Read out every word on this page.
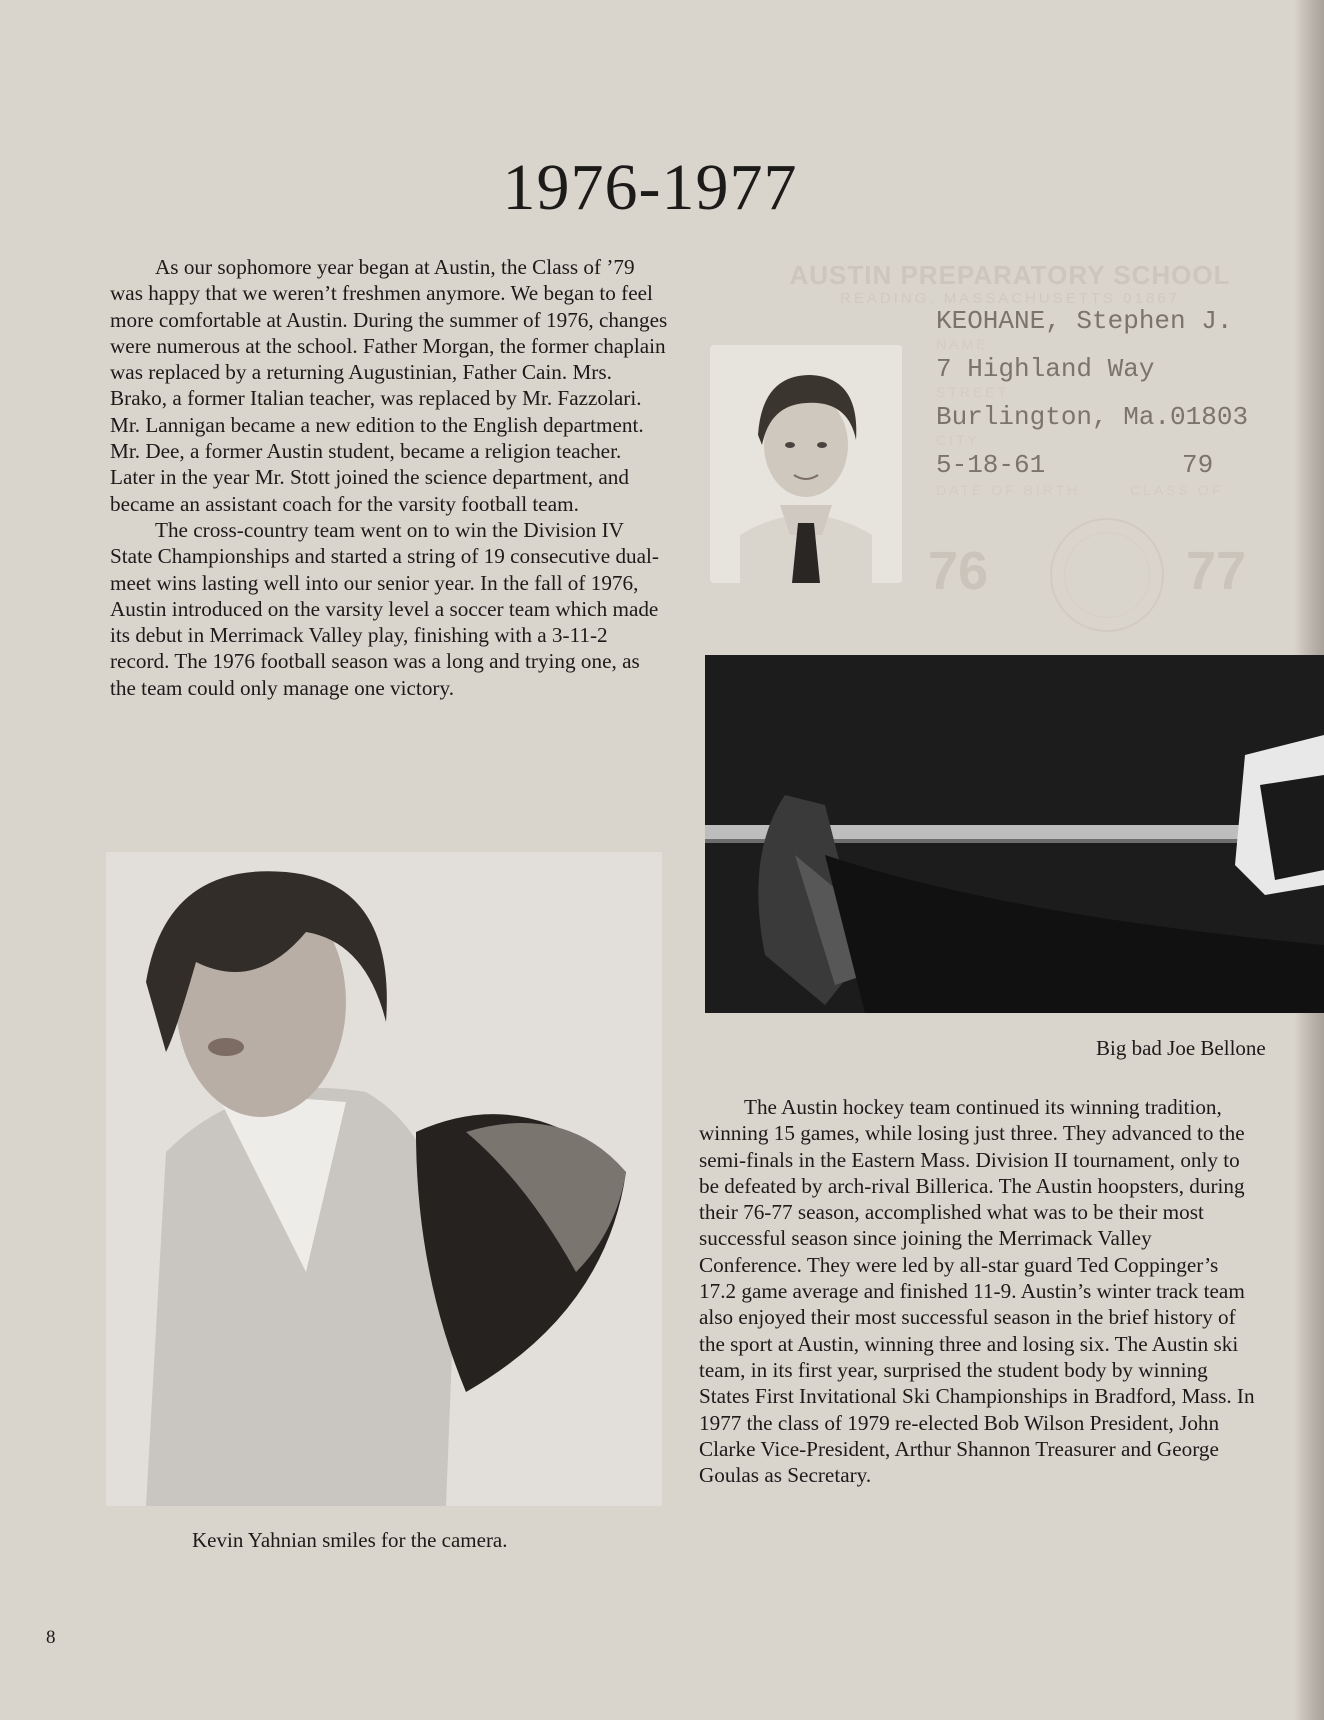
1976-1977

As our sophomore year began at Austin, the Class of ’79 was happy that we weren’t freshmen anymore. We began to feel more comfortable at Austin. During the summer of 1976, changes were numerous at the school. Father Morgan, the former chaplain was replaced by a returning Augustinian, Father Cain. Mrs. Brako, a former Italian teacher, was replaced by Mr. Fazzolari. Mr. Lannigan became a new edition to the English department. Mr. Dee, a former Austin student, became a religion teacher. Later in the year Mr. Stott joined the science department, and became an assistant coach for the varsity football team.

The cross-country team went on to win the Division IV State Championships and started a string of 19 consecutive dual-meet wins lasting well into our senior year. In the fall of 1976, Austin introduced on the varsity level a soccer team which made its debut in Merrimack Valley play, finishing with a 3-11-2 record. The 1976 football season was a long and trying one, as the team could only manage one victory.

AUSTIN PREPARATORY SCHOOL
READING, MASSACHUSETTS 01867
KEOHANE, Stephen J.
NAME
7 Highland Way
STREET
Burlington, Ma.01803
CITY
5-18-61	79
DATE OF BIRTH	CLASS OF
76	77

Big bad Joe Bellone

The Austin hockey team continued its winning tradition, winning 15 games, while losing just three. They advanced to the semi-finals in the Eastern Mass. Division II tournament, only to be defeated by arch-rival Billerica. The Austin hoopsters, during their 76-77 season, accomplished what was to be their most successful season since joining the Merrimack Valley Conference. They were led by all-star guard Ted Coppinger’s 17.2 game average and finished 11-9. Austin’s winter track team also enjoyed their most successful season in the brief history of the sport at Austin, winning three and losing six. The Austin ski team, in its first year, surprised the student body by winning States First Invitational Ski Championships in Bradford, Mass. In 1977 the class of 1979 re-elected Bob Wilson President, John Clarke Vice-President, Arthur Shannon Treasurer and George Goulas as Secretary.

Kevin Yahnian smiles for the camera.

8
